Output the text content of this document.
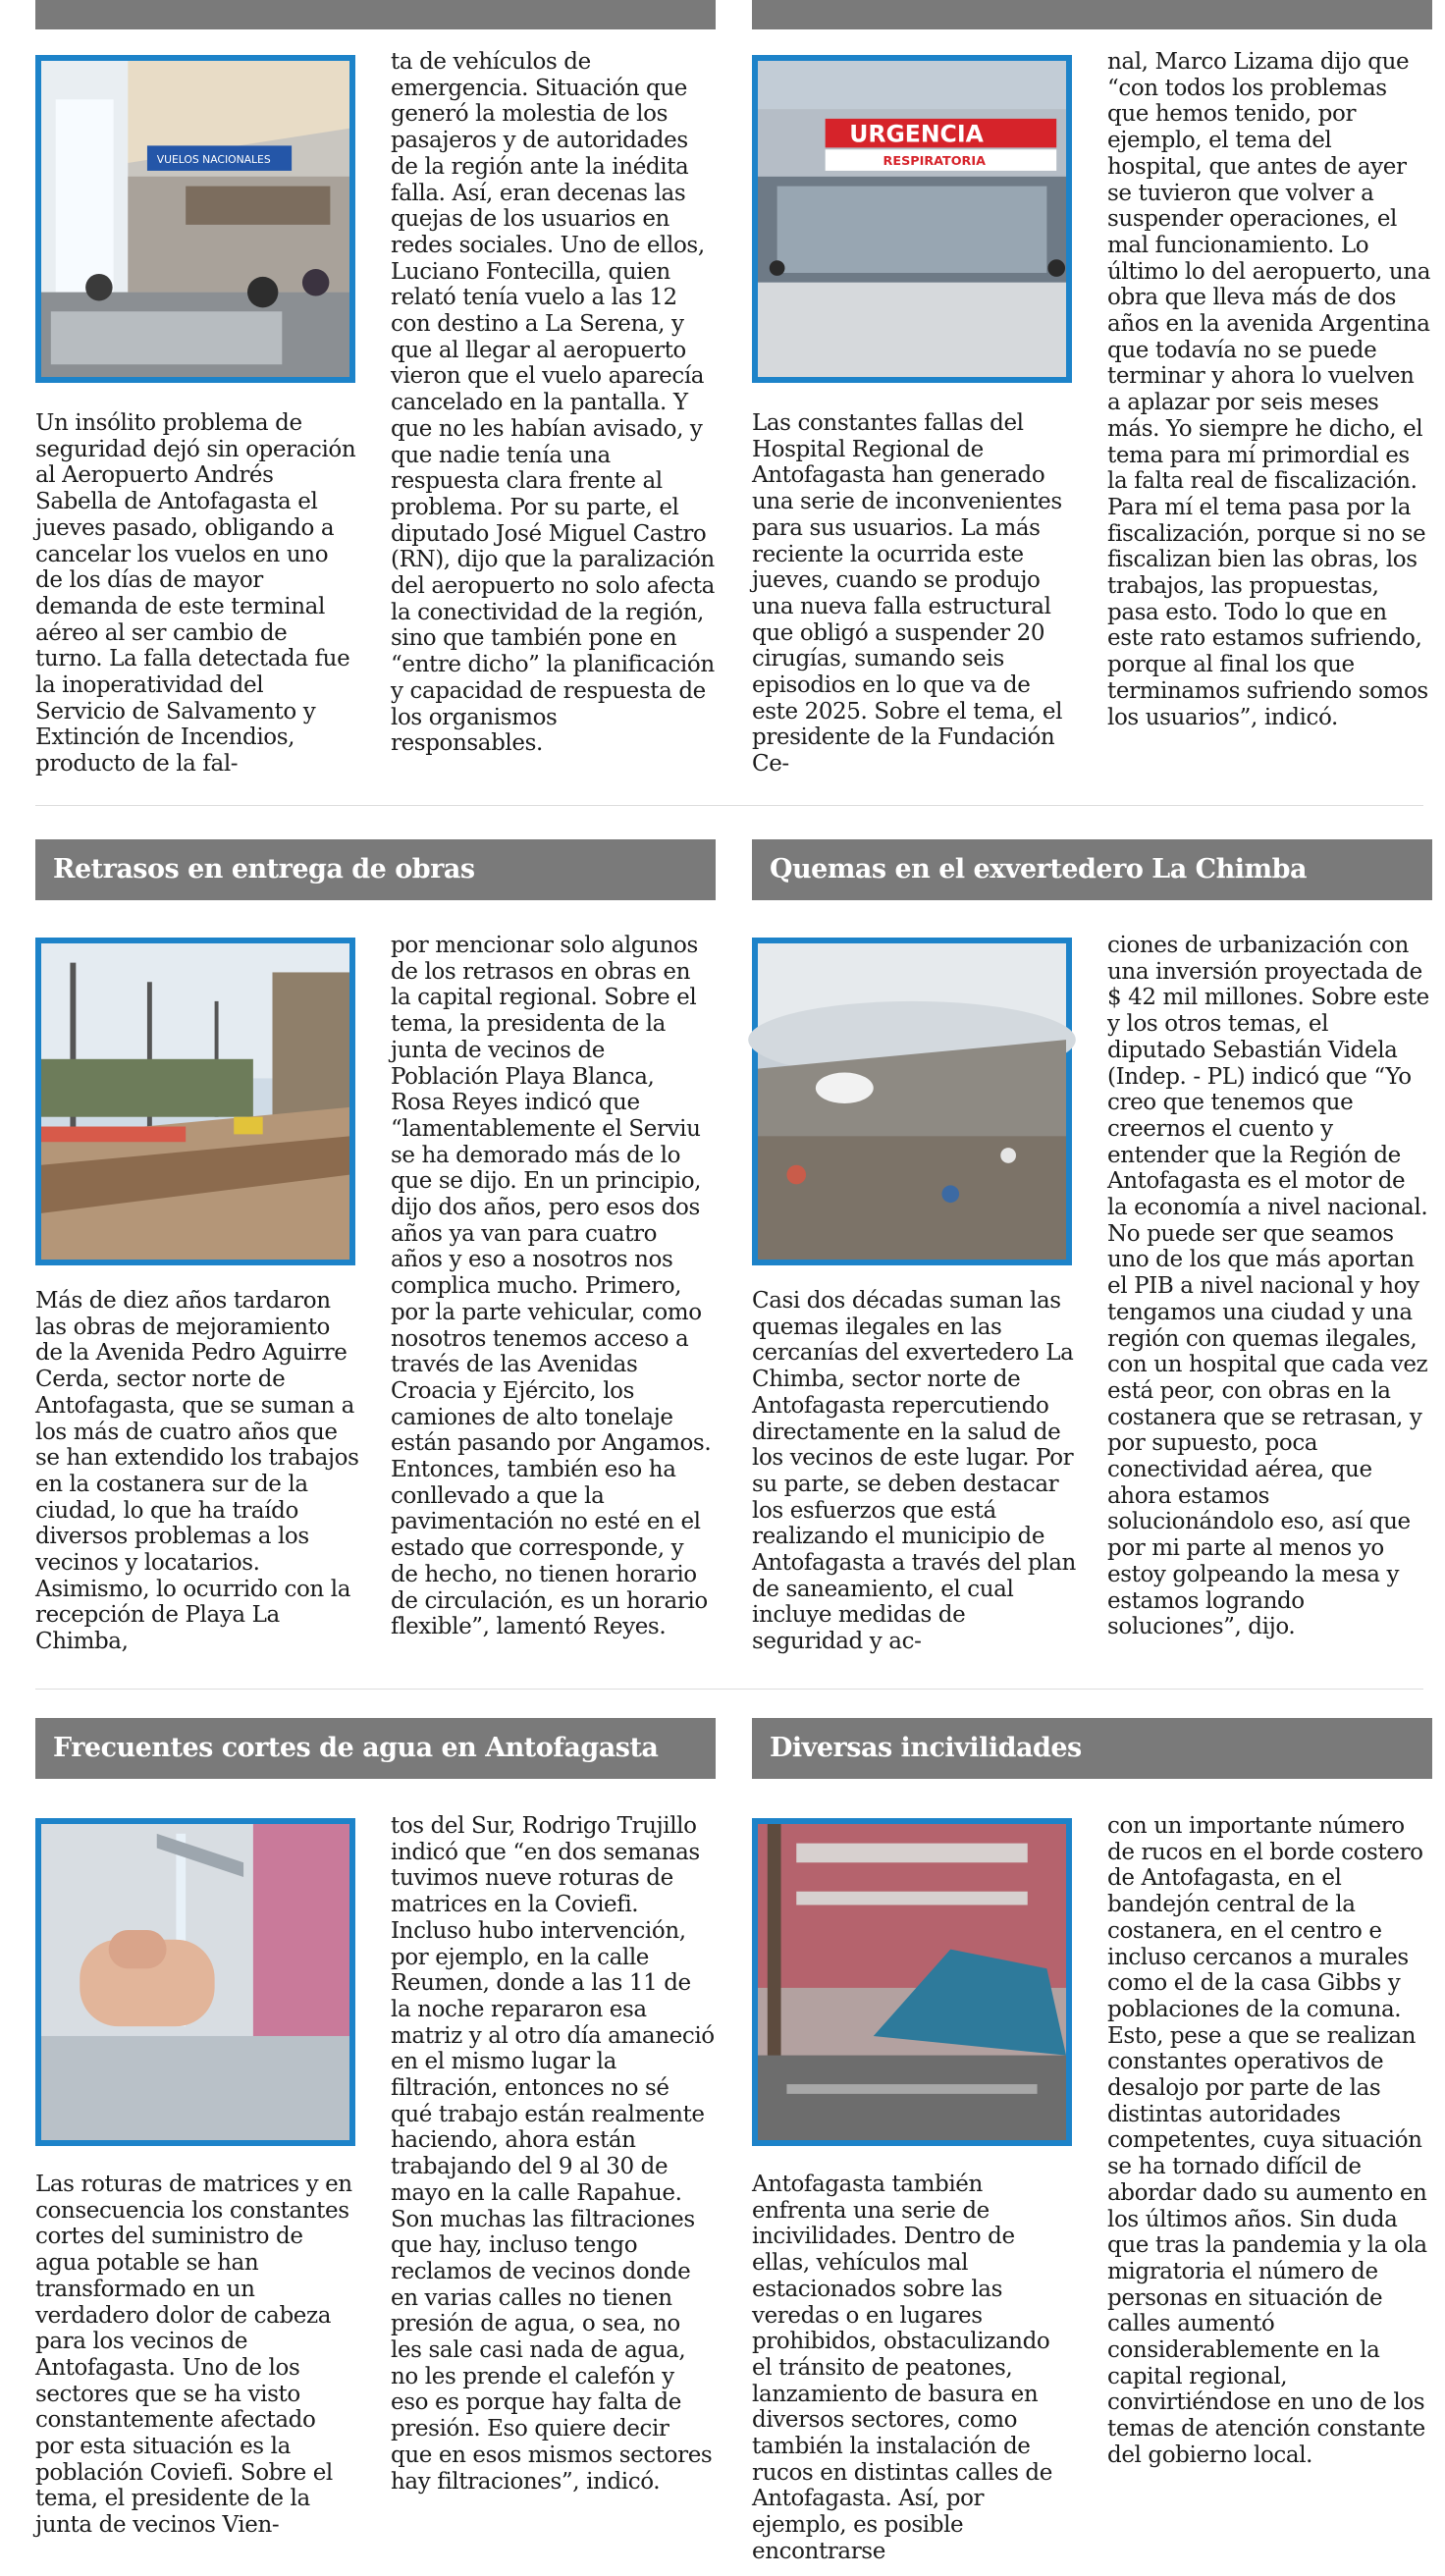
VUELOS NACIONALES
Un insólito problema de seguridad dejó sin operación al Aeropuerto Andrés Sabella de Antofagasta el jueves pasado, obligando a cancelar los vuelos en uno de los días de mayor demanda de este terminal aéreo al ser cambio de turno. La falla detectada fue la inoperatividad del Servicio de Salvamento y Extinción de Incendios, producto de la fal-
ta de vehículos de emergencia. Situación que generó la molestia de los pasajeros y de autoridades de la región ante la inédita falla. Así, eran decenas las quejas de los usuarios en redes sociales. Uno de ellos, Luciano Fontecilla, quien relató tenía vuelo a las 12 con destino a La Serena, y que al llegar al aeropuerto vieron que el vuelo aparecía cancelado en la pantalla. Y que no les habían avisado, y que nadie tenía una respuesta clara frente al problema. Por su parte, el diputado José Miguel Castro (RN), dijo que la paralización del aeropuerto no solo afecta la conectividad de la región, sino que también pone en “entre dicho” la planificación y capacidad de respuesta de los organismos responsables.
URGENCIA
RESPIRATORIA
Las constantes fallas del Hospital Regional de Antofagasta han generado una serie de inconvenientes para sus usuarios. La más reciente la ocurrida este jueves, cuando se produjo una nueva falla estructural que obligó a suspender 20 cirugías, sumando seis episodios en lo que va de este 2025. Sobre el tema, el presidente de la Fundación Ce-
nal, Marco Lizama dijo que “con todos los problemas que hemos tenido, por ejemplo, el tema del hospital, que antes de ayer se tuvieron que volver a suspender operaciones, el mal funcionamiento. Lo último lo del aeropuerto, una obra que lleva más de dos años en la avenida Argentina que todavía no se puede terminar y ahora lo vuelven a aplazar por seis meses más. Yo siempre he dicho, el tema para mí primordial es la falta real de fiscalización. Para mí el tema pasa por la fiscalización, porque si no se fiscalizan bien las obras, los trabajos, las propuestas, pasa esto. Todo lo que en este rato estamos sufriendo, porque al final los que terminamos sufriendo somos los usuarios”, indicó.
Retrasos en entrega de obras
Más de diez años tardaron las obras de mejoramiento de la Avenida Pedro Aguirre Cerda, sector norte de Antofagasta, que se suman a los más de cuatro años que se han extendido los trabajos en la costanera sur de la ciudad, lo que ha traído diversos problemas a los vecinos y locatarios. Asimismo, lo ocurrido con la recepción de Playa La Chimba,
por mencionar solo algunos de los retrasos en obras en la capital regional. Sobre el tema, la presidenta de la junta de vecinos de Población Playa Blanca, Rosa Reyes indicó que “lamentablemente el Serviu se ha demorado más de lo que se dijo. En un principio, dijo dos años, pero esos dos años ya van para cuatro años y eso a nosotros nos complica mucho. Primero, por la parte vehicular, como nosotros tenemos acceso a través de las Avenidas Croacia y Ejército, los camiones de alto tonelaje están pasando por Angamos. Entonces, también eso ha conllevado a que la pavimentación no esté en el estado que corresponde, y de hecho, no tienen horario de circulación, es un horario flexible”, lamentó Reyes.
Quemas en el exvertedero La Chimba
Casi dos décadas suman las quemas ilegales en las cercanías del exvertedero La Chimba, sector norte de Antofagasta repercutiendo directamente en la salud de los vecinos de este lugar. Por su parte, se deben destacar los esfuerzos que está realizando el municipio de Antofagasta a través del plan de saneamiento, el cual incluye medidas de seguridad y ac-
ciones de urbanización con una inversión proyectada de $ 42 mil millones. Sobre este y los otros temas, el diputado Sebastián Videla (Indep. - PL) indicó que “Yo creo que tenemos que creernos el cuento y entender que la Región de Antofagasta es el motor de la economía a nivel nacional. No puede ser que seamos uno de los que más aportan el PIB a nivel nacional y hoy tengamos una ciudad y una región con quemas ilegales, con un hospital que cada vez está peor, con obras en la costanera que se retrasan, y por supuesto, poca conectividad aérea, que ahora estamos solucionándolo eso, así que por mi parte al menos yo estoy golpeando la mesa y estamos logrando soluciones”, dijo.
Frecuentes cortes de agua en Antofagasta
Las roturas de matrices y en consecuencia los constantes cortes del suministro de agua potable se han transformado en un verdadero dolor de cabeza para los vecinos de Antofagasta. Uno de los sectores que se ha visto constantemente afectado por esta situación es la población Coviefi. Sobre el tema, el presidente de la junta de vecinos Vien-
tos del Sur, Rodrigo Trujillo indicó que “en dos semanas tuvimos nueve roturas de matrices en la Coviefi. Incluso hubo intervención, por ejemplo, en la calle Reumen, donde a las 11 de la noche repararon esa matriz y al otro día amaneció en el mismo lugar la filtración, entonces no sé qué trabajo están realmente haciendo, ahora están trabajando del 9 al 30 de mayo en la calle Rapahue. Son muchas las filtraciones que hay, incluso tengo reclamos de vecinos donde en varias calles no tienen presión de agua, o sea, no les sale casi nada de agua, no les prende el calefón y eso es porque hay falta de presión. Eso quiere decir que en esos mismos sectores hay filtraciones”, indicó.
Diversas incivilidades
Antofagasta también enfrenta una serie de incivilidades. Dentro de ellas, vehículos mal estacionados sobre las veredas o en lugares prohibidos, obstaculizando el tránsito de peatones, lanzamiento de basura en diversos sectores, como también la instalación de rucos en distintas calles de Antofagasta. Así, por ejemplo, es posible encontrarse
con un importante número de rucos en el borde costero de Antofagasta, en el bandejón central de la costanera, en el centro e incluso cercanos a murales como el de la casa Gibbs y poblaciones de la comuna. Esto, pese a que se realizan constantes operativos de desalojo por parte de las distintas autoridades competentes, cuya situación se ha tornado difícil de abordar dado su aumento en los últimos años. Sin duda que tras la pandemia y la ola migratoria el número de personas en situación de calles aumentó considerablemente en la capital regional, convirtiéndose en uno de los temas de atención constante del gobierno local.
